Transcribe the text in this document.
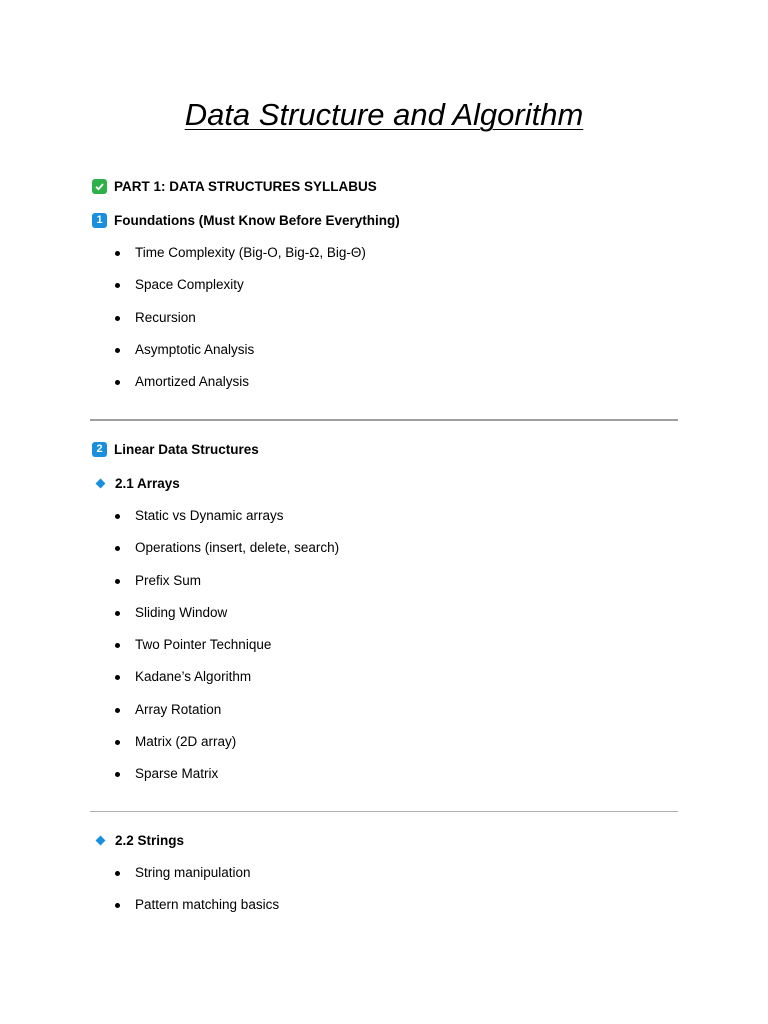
Data Structure and Algorithm
PART 1: DATA STRUCTURES SYLLABUS
1 Foundations (Must Know Before Everything)
Time Complexity (Big-O, Big-Ω, Big-Θ)
Space Complexity
Recursion
Asymptotic Analysis
Amortized Analysis
2 Linear Data Structures
2.1 Arrays
Static vs Dynamic arrays
Operations (insert, delete, search)
Prefix Sum
Sliding Window
Two Pointer Technique
Kadane’s Algorithm
Array Rotation
Matrix (2D array)
Sparse Matrix
2.2 Strings
String manipulation
Pattern matching basics
